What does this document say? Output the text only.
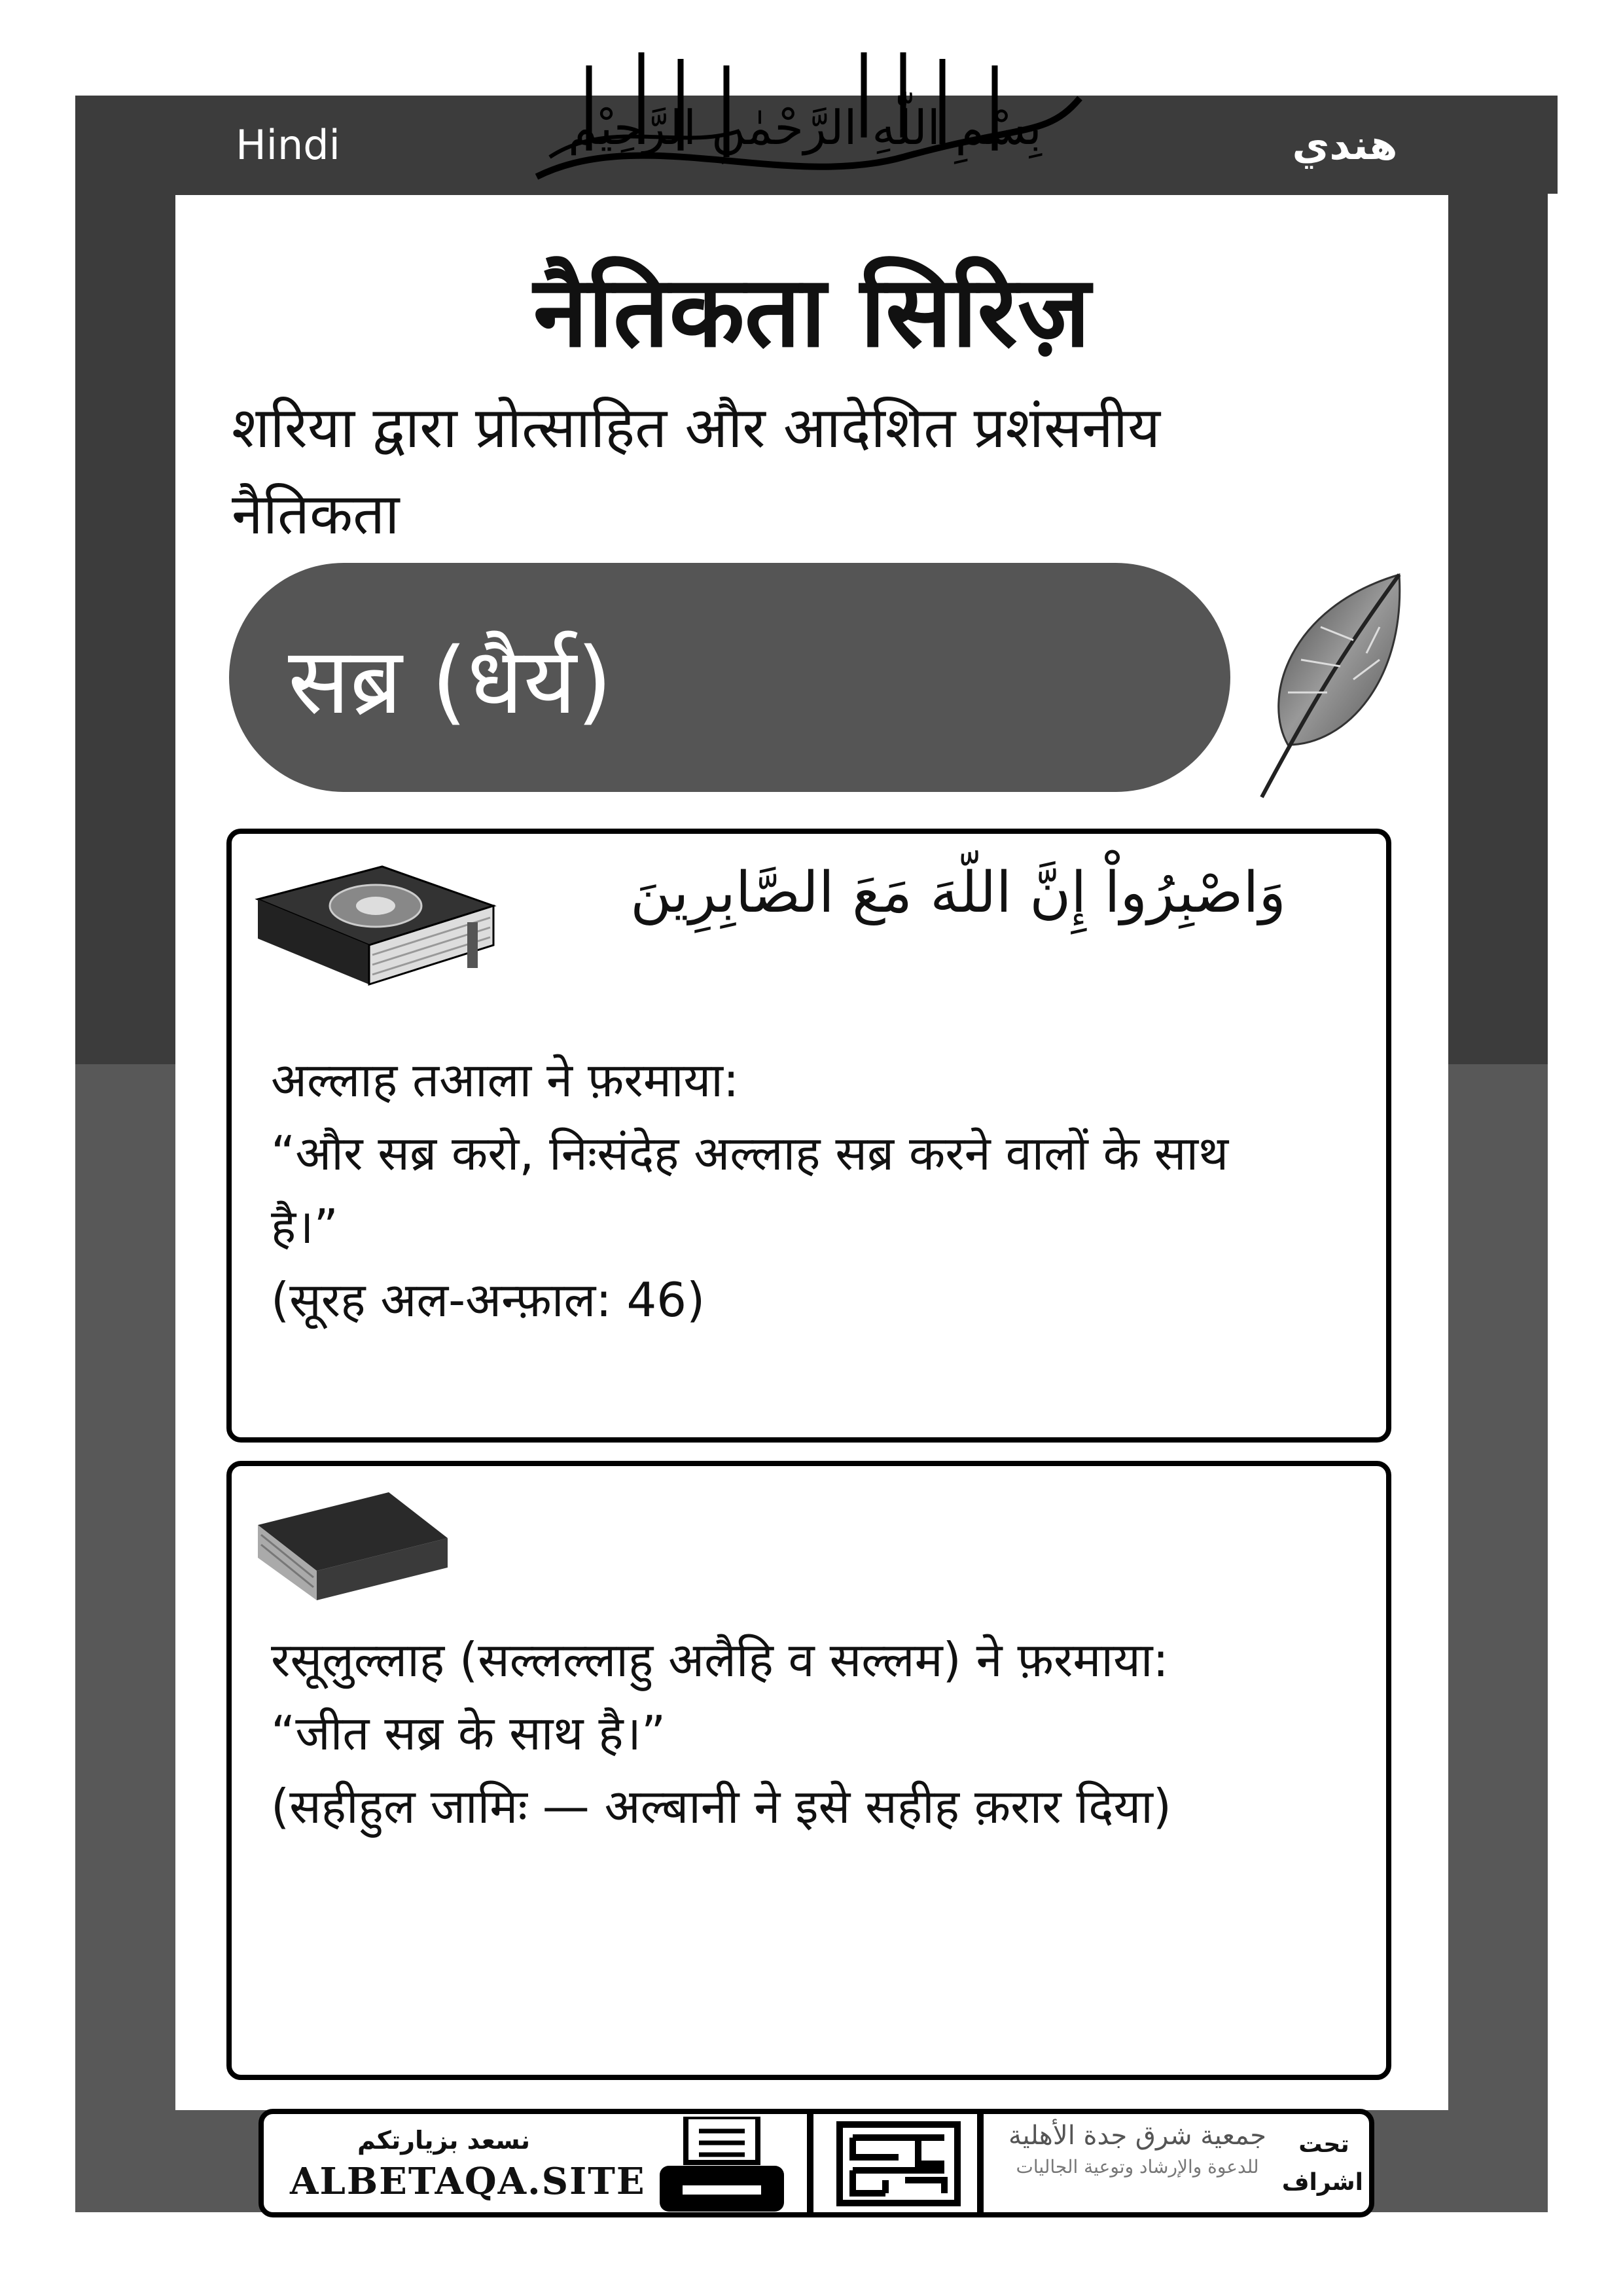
Hindi	هندي
بِسْمِ اللّٰهِ الرَّحْمٰنِ الرَّحِيْمِ
नैतिकता सिरिज़
शरिया द्वारा प्रोत्साहित और आदेशित प्रशंसनीय
नैतिकता
सब्र (धैर्य)
وَاصْبِرُواْ إِنَّ اللّهَ مَعَ الصَّابِرِينَ
अल्लाह तआला ने फ़रमाया:
“और सब्र करो, निःसंदेह अल्लाह सब्र करने वालों के साथ
है।”
(सूरह अल-अन्फ़ाल: 46)
रसूलुल्लाह (सल्लल्लाहु अलैहि व सल्लम) ने फ़रमाया:
“जीत सब्र के साथ है।”
(सहीहुल जामिः — अल्बानी ने इसे सहीह क़रार दिया)
نسعد بزيارتكم
ALBETAQA.SITE
جمعية شرق جدة الأهلية
للدعوة والإرشاد وتوعية الجاليات
تحت
اشراف
